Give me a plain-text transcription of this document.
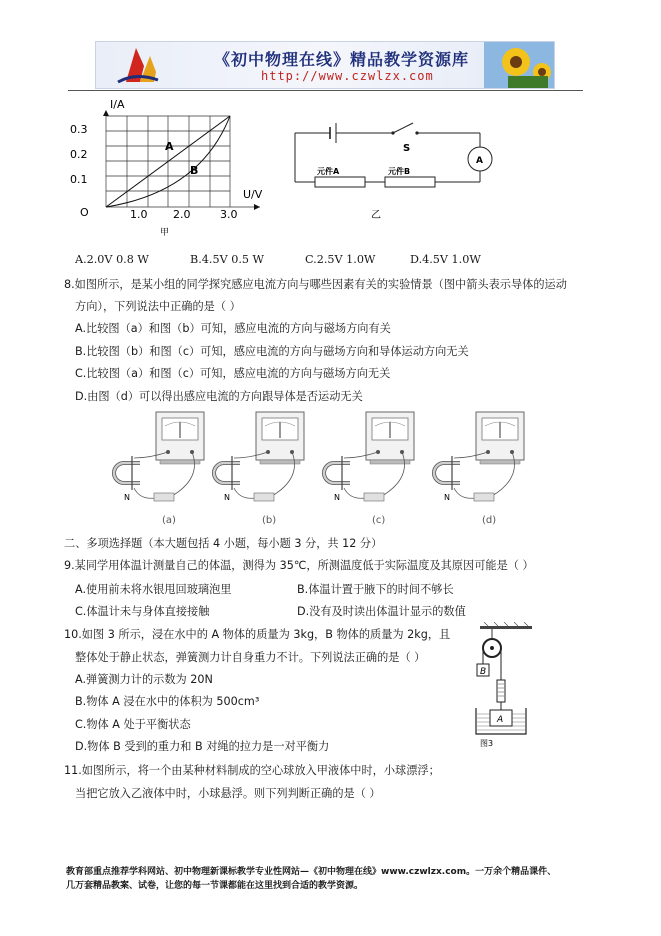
《初中物理在线》精品教学资源库
http://www.czwlzx.com
I/A
U/V
0.3
0.2
0.1
1.0 2.0	3.0
O
A
B
甲
S
A
元件A	元件B
乙
A.2.0V 0.8 W	B.4.5V 0.5 W	C.2.5V 1.0W	D.4.5V 1.0W
8.如图所示，是某小组的同学探究感应电流方向与哪些因素有关的实验情景（图中箭头表示导体的运动
方向），下列说法中正确的是（ ）
A.比较图（a）和图（b）可知，感应电流的方向与磁场方向有关
B.比较图（b）和图（c）可知，感应电流的方向与磁场方向和导体运动方向无关
C.比较图（a）和图（c）可知，感应电流的方向与磁场方向无关
D.由图（d）可以得出感应电流的方向跟导体是否运动无关
N
(a)
N
(b)
N
(c)
N
(d)
二、多项选择题（本大题包括 4 小题，每小题 3 分，共 12 分）
9.某同学用体温计测量自己的体温，测得为 35℃，所测温度低于实际温度及其原因可能是（ ）
A.使用前未将水银甩回玻璃泡里	B.体温计置于腋下的时间不够长
C.体温计未与身体直接接触	D.没有及时读出体温计显示的数值
10.如图 3 所示，浸在水中的 A 物体的质量为 3kg，B 物体的质量为 2kg，且
整体处于静止状态，弹簧测力计自身重力不计。下列说法正确的是（ ）
A.弹簧测力计的示数为 20N
B.物体 A 浸在水中的体积为 500cm³
C.物体 A 处于平衡状态
D.物体 B 受到的重力和 B 对绳的拉力是一对平衡力
B
A
图3
11.如图所示，将一个由某种材料制成的空心球放入甲液体中时，小球漂浮；
当把它放入乙液体中时，小球悬浮。则下列判断正确的是（ ）
教育部重点推荐学科网站、初中物理新课标教学专业性网站—《初中物理在线》www.czwlzx.com。一万余个精品课件、
几万套精品教案、试卷，让您的每一节课都能在这里找到合适的教学资源。
